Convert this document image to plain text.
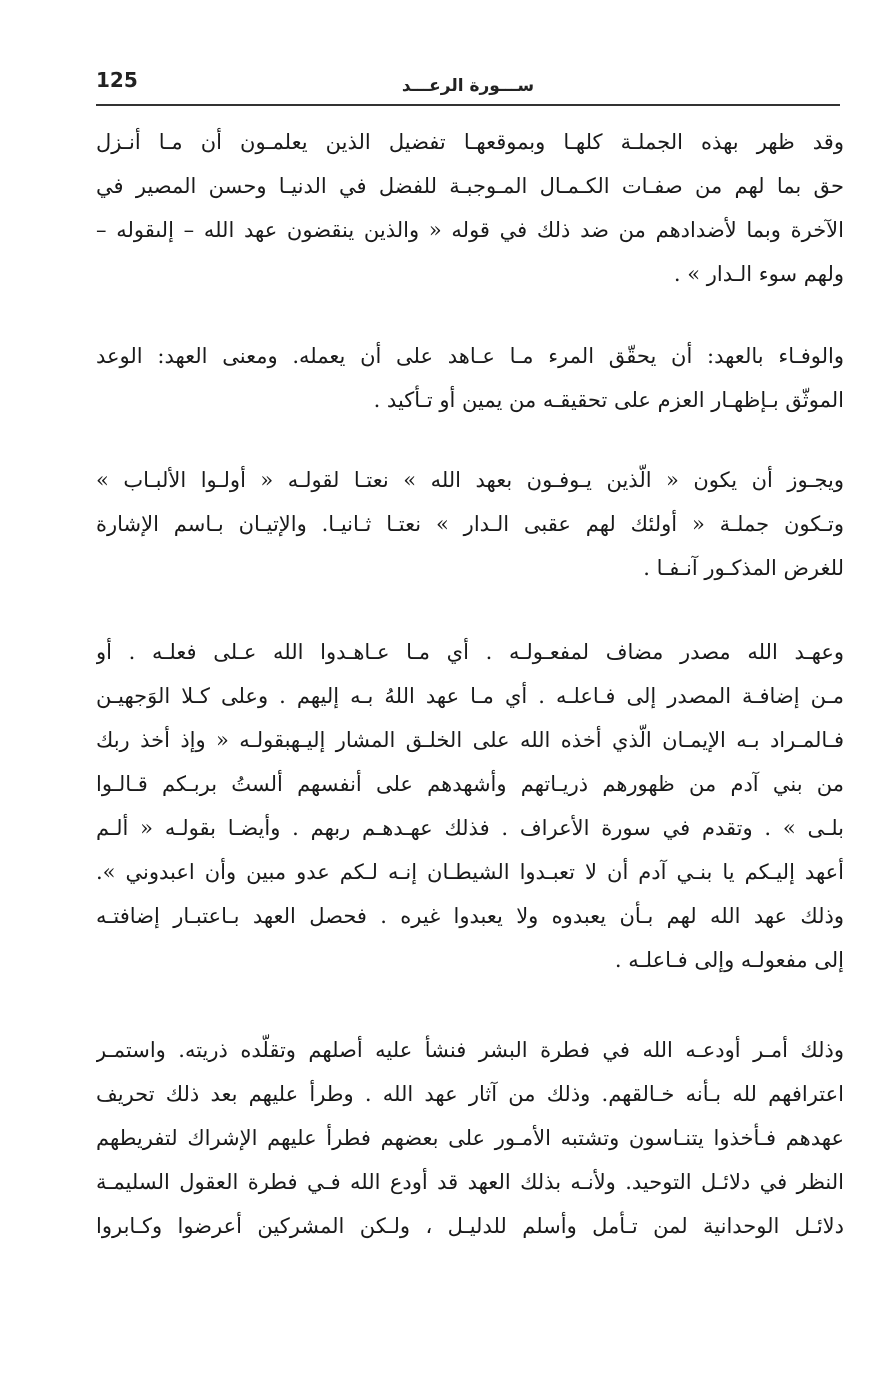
125	ســـورة الرعـــد
وقد ظهر بهذه الجملـة كلهـا وبموقعهـا تفضيل الذين يعلمـون أن مـا أنـزل
حق بما لهم من صفـات الكـمـال المـوجبـة للفضل في الدنيـا وحسن المصير في
الآخرة وبما لأضدادهم من ضد ذلك في قوله « والذين ينقضون عهد الله – إلىقوله –
ولهم سوء الـدار » .
والوفـاء بالعهد: أن يحقّق المرء مـا عـاهد على أن يعمله. ومعنى العهد: الوعد
الموثّق بـإظهـار العزم على تحقيقـه من يمين أو تـأكيد .
ويجـوز أن يكون « الّذين يـوفـون بعهد الله » نعتـا لقولـه « أولـوا الألبـاب »
وتـكون جملـة « أولئك لهم عقبى الـدار » نعتـا ثـانيـا. والإتيـان بـاسم الإشارة
للغرض المذكـور آنـفـا .
وعهـد الله مصدر مضاف لمفعـولـه . أي مـا عـاهـدوا الله عـلى فعلـه . أو
مـن إضافـة المصدر إلى فـاعلـه . أي مـا عهد اللهُ بـه إليهم . وعلى كـلا الوَجهيـن
فـالمـراد بـه الإيمـان الّذي أخذه الله على الخلـق المشار إليـهبقولـه « وإذ أخذ ربك
من بني آدم من ظهورهم ذريـاتهم وأشهدهم على أنفسهم ألستُ بربـكم قـالـوا
بلـى » . وتقدم في سورة الأعراف . فذلك عهـدهـم ربهم . وأيضـا بقولـه « ألـم
أعهد إليـكم يا بنـي آدم أن لا تعبـدوا الشيطـان إنـه لـكم عدو مبين وأن اعبدوني ».
وذلك عهد الله لهم بـأن يعبدوه ولا يعبدوا غيره . فحصل العهد بـاعتبـار إضافتـه
إلى مفعولـه وإلى فـاعلـه .
وذلك أمـر أودعـه الله في فطرة البشر فنشأ عليه أصلهم وتقلّده ذريته. واستمـر
اعترافهم لله بـأنه خـالقهم. وذلك من آثار عهد الله . وطرأ عليهم بعد ذلك تحريف
عهدهم فـأخذوا يتنـاسون وتشتبه الأمـور على بعضهم فطرأ عليهم الإشراك لتفريطهم
النظر في دلائـل التوحيد. ولأنـه بذلك العهد قد أودع الله فـي فطرة العقول السليمـة
دلائـل الوحدانية لمن تـأمل وأسلم للدليـل ، ولـكن المشركين أعرضوا وكـابروا
